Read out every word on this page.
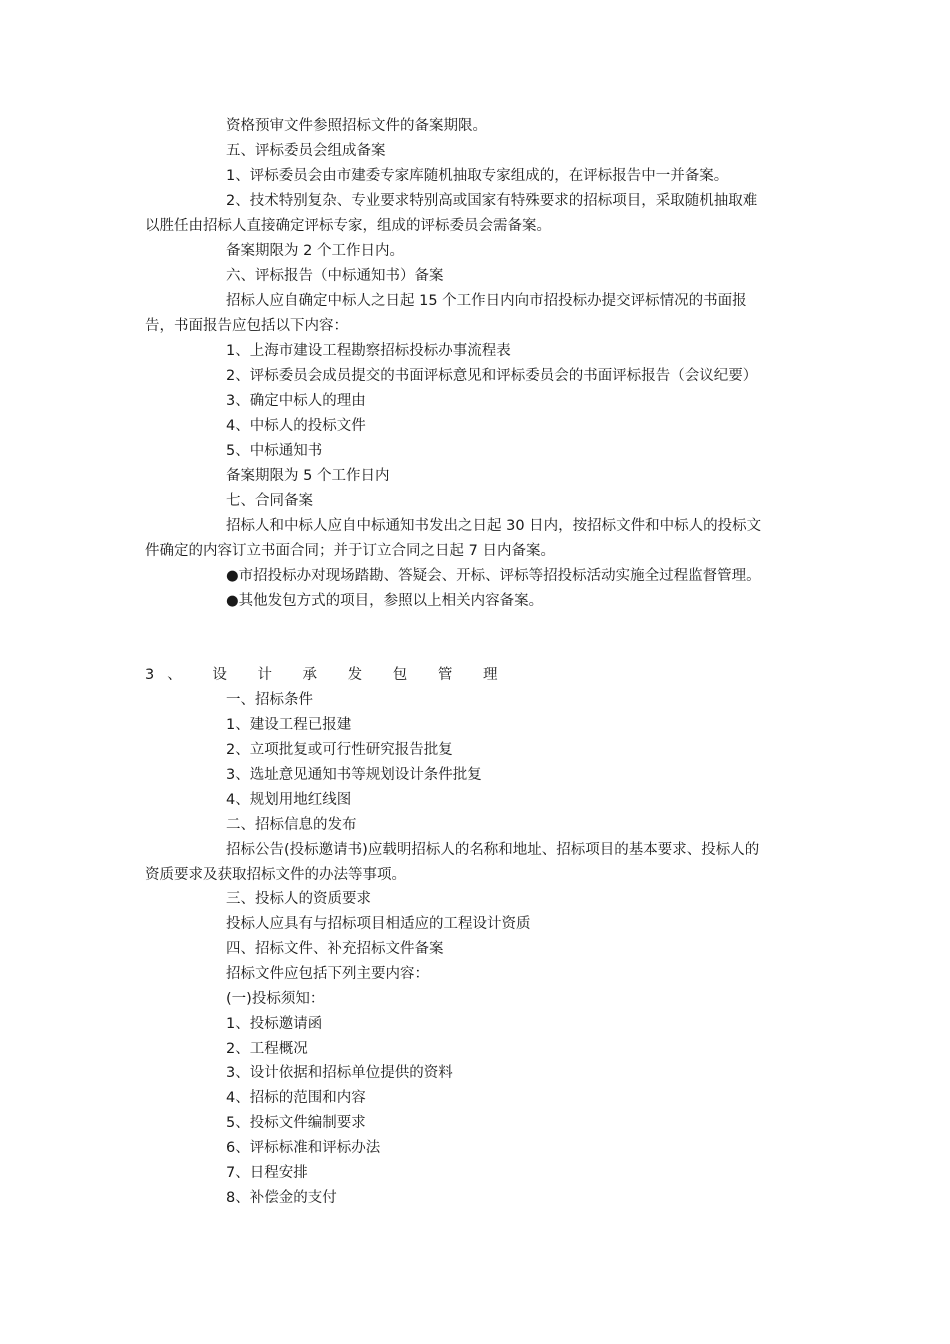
资格预审文件参照招标文件的备案期限。
五、评标委员会组成备案
1、评标委员会由市建委专家库随机抽取专家组成的，在评标报告中一并备案。
2、技术特别复杂、专业要求特别高或国家有特殊要求的招标项目，采取随机抽取难
以胜任由招标人直接确定评标专家，组成的评标委员会需备案。
备案期限为 2 个工作日内。
六、评标报告（中标通知书）备案
招标人应自确定中标人之日起 15 个工作日内向市招投标办提交评标情况的书面报
告，书面报告应包括以下内容：
1、上海市建设工程勘察招标投标办事流程表
2、评标委员会成员提交的书面评标意见和评标委员会的书面评标报告（会议纪要）
3、确定中标人的理由
4、中标人的投标文件
5、中标通知书
备案期限为 5 个工作日内
七、合同备案
招标人和中标人应自中标通知书发出之日起 30 日内，按招标文件和中标人的投标文
件确定的内容订立书面合同；并于订立合同之日起 7 日内备案。
●市招投标办对现场踏勘、答疑会、开标、评标等招投标活动实施全过程监督管理。
●其他发包方式的项目，参照以上相关内容备案。
3、 设 计 承 发 包 管 理
一、招标条件
1、建设工程已报建
2、立项批复或可行性研究报告批复
3、选址意见通知书等规划设计条件批复
4、规划用地红线图
二、招标信息的发布
招标公告(投标邀请书)应载明招标人的名称和地址、招标项目的基本要求、投标人的
资质要求及获取招标文件的办法等事项。
三、投标人的资质要求
投标人应具有与招标项目相适应的工程设计资质
四、招标文件、补充招标文件备案
招标文件应包括下列主要内容：
(一)投标须知：
1、投标邀请函
2、工程概况
3、设计依据和招标单位提供的资料
4、招标的范围和内容
5、投标文件编制要求
6、评标标准和评标办法
7、日程安排
8、补偿金的支付
